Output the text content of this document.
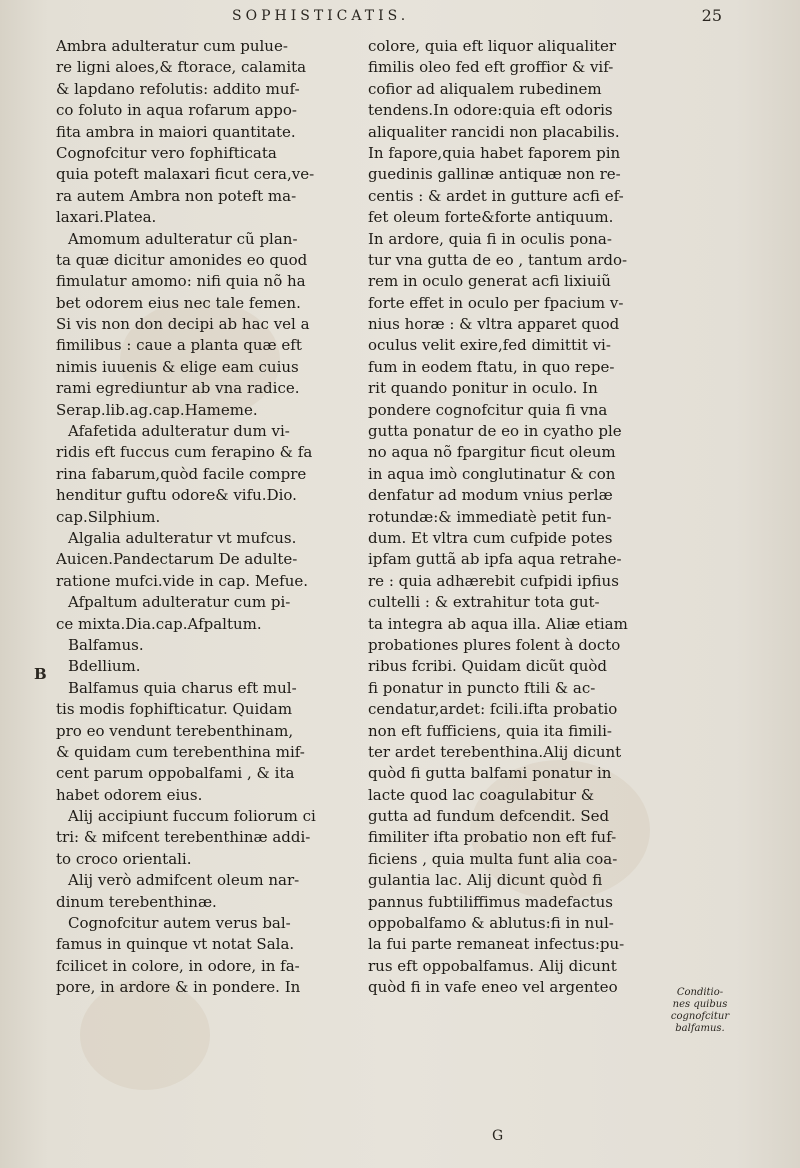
SOPHISTICATIS.	25
Ambra adulteratur cum pulue-
re ligni aloes,& ftorace, calamita
& lapdano refolutis: addito muf-
co foluto in aqua rofarum appo-
fita ambra in maiori quantitate.
Cognofcitur vero fophifticata
quia poteft malaxari ficut cera,ve-
ra autem Ambra non poteft ma-
laxari.Platea.
Amomum adulteratur cũ plan-
ta quæ dicitur amonides eo quod
fimulatur amomo: nifi quia nõ ha
bet odorem eius nec tale femen.
Si vis non don decipi ab hac vel a
fimilibus : caue a planta quæ eft
nimis iuuenis & elige eam cuius
rami egrediuntur ab vna radice.
Serap.lib.ag.cap.Hameme.
Afafetida adulteratur dum vi-
ridis eft fuccus cum ferapino & fa
rina fabarum,quòd facile compre
henditur guftu odore& vifu.Dio.
cap.Silphium.
Algalia adulteratur vt mufcus.
Auicen.Pandectarum De adulte-
ratione mufci.vide in cap. Mefue.
Afpaltum adulteratur cum pi-
ce mixta.Dia.cap.Afpaltum.
Balfamus.
Bdellium.
Balfamus quia charus eft mul-
tis modis fophifticatur. Quidam
pro eo vendunt terebenthinam,
& quidam cum terebenthina mif-
cent parum oppobalfami , & ita
habet odorem eius.
Alij accipiunt fuccum foliorum ci
tri: & mifcent terebenthinæ addi-
to croco orientali.
Alij verò admifcent oleum nar-
dinum terebenthinæ.
Cognofcitur autem verus bal-
famus in quinque vt notat Sala.
fcilicet in colore, in odore, in fa-
pore, in ardore & in pondere. In
colore, quia eft liquor aliqualiter
fimilis oleo fed eft groffior & vif-
cofior ad aliqualem rubedinem
tendens.In odore:quia eft odoris
aliqualiter rancidi non placabilis.
In fapore,quia habet faporem pin
guedinis gallinæ antiquæ non re-
centis : & ardet in gutture acfi ef-
fet oleum forte&forte antiquum.
In ardore, quia fi in oculis pona-
tur vna gutta de eo , tantum ardo-
rem in oculo generat acfi lixiuiũ
forte effet in oculo per fpacium v-
nius horæ : & vltra apparet quod
oculus velit exire,fed dimittit vi-
fum in eodem ftatu, in quo repe-
rit quando ponitur in oculo. In
pondere cognofcitur quia fi vna
gutta ponatur de eo in cyatho ple
no aqua nõ fpargitur ficut oleum
in aqua imò conglutinatur & con
denfatur ad modum vnius perlæ
rotundæ:& immediatè petit fun-
dum. Et vltra cum cufpide potes
ipfam guttã ab ipfa aqua retrahe-
re : quia adhærebit cufpidi ipfius
cultelli : & extrahitur tota gut-
ta integra ab aqua illa. Aliæ etiam
probationes plures folent à docto
ribus fcribi. Quidam dicũt quòd
fi ponatur in puncto ftili & ac-
cendatur,ardet: fcili.ifta probatio
non eft fufficiens, quia ita fimili-
ter ardet terebenthina.Alij dicunt
quòd fi gutta balfami ponatur in
lacte quod lac coagulabitur &
gutta ad fundum defcendit. Sed
fimiliter ifta probatio non eft fuf-
ficiens , quia multa funt alia coa-
gulantia lac. Alij dicunt quòd fi
pannus fubtiliffimus madefactus
oppobalfamo & ablutus:fi in nul-
la fui parte remaneat infectus:pu-
rus eft oppobalfamus. Alij dicunt
quòd fi in vafe eneo vel argenteo
B
Conditio-
nes quibus
cognofcitur
balfamus.
G
